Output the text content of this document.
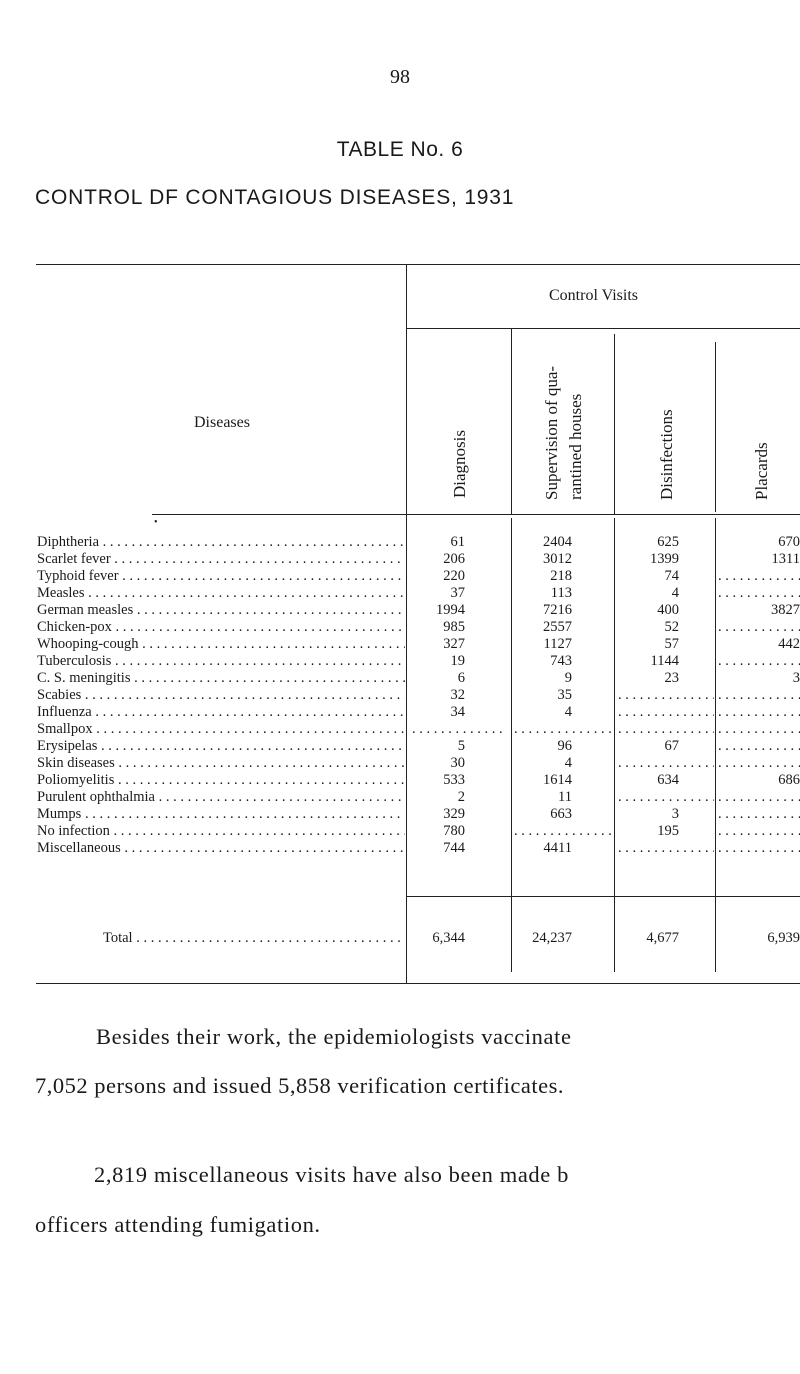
98
TABLE No. 6
CONTROL DF CONTAGIOUS DISEASES, 1931
Diseases
Control Visits
Diagnosis	Supervision of qua- rantined houses	Disinfections	Placards
•
Diphtheria . . .	61	2404	625	670
Scarlet fever . . .	206	3012	1399	1311
Typhoid fever . . .	220	218	74
. . .
Measles . . .	37	113	4
. . .
German measles . . .	1994	7216	400	3827
Chicken-pox . . .	985	2557	52
. . .
Whooping-cough . . .	327	1127	57	442
Tuberculosis . . .	19	743	1144
. . .
C. S. meningitis . . .	6	9	23	3
Scabies . . .	32	35
. . .
. . .
Influenza . . .	34	4
. . .
. . .
Smallpox . . .
. . .
. . .
. . .
. . .
Erysipelas . . .	5	96	67
. . .
Skin diseases . . .	30	4
. . .
. . .
Poliomyelitis . . .	533	1614	634	686
Purulent ophthalmia . . .	2	11
. . .
. . .
Mumps . . .	329	663	3
. . .
No infection . . .	780
. . .	195
. . .
Miscellaneous . . .	744	4411
. . .
. . .
Total . . .	6,344	24,237	4,677	6,939
Besides their work, the epidemiologists vaccinate
7,052 persons and issued 5,858 verification certificates.
2,819 miscellaneous visits have also been made b
officers attending fumigation.
